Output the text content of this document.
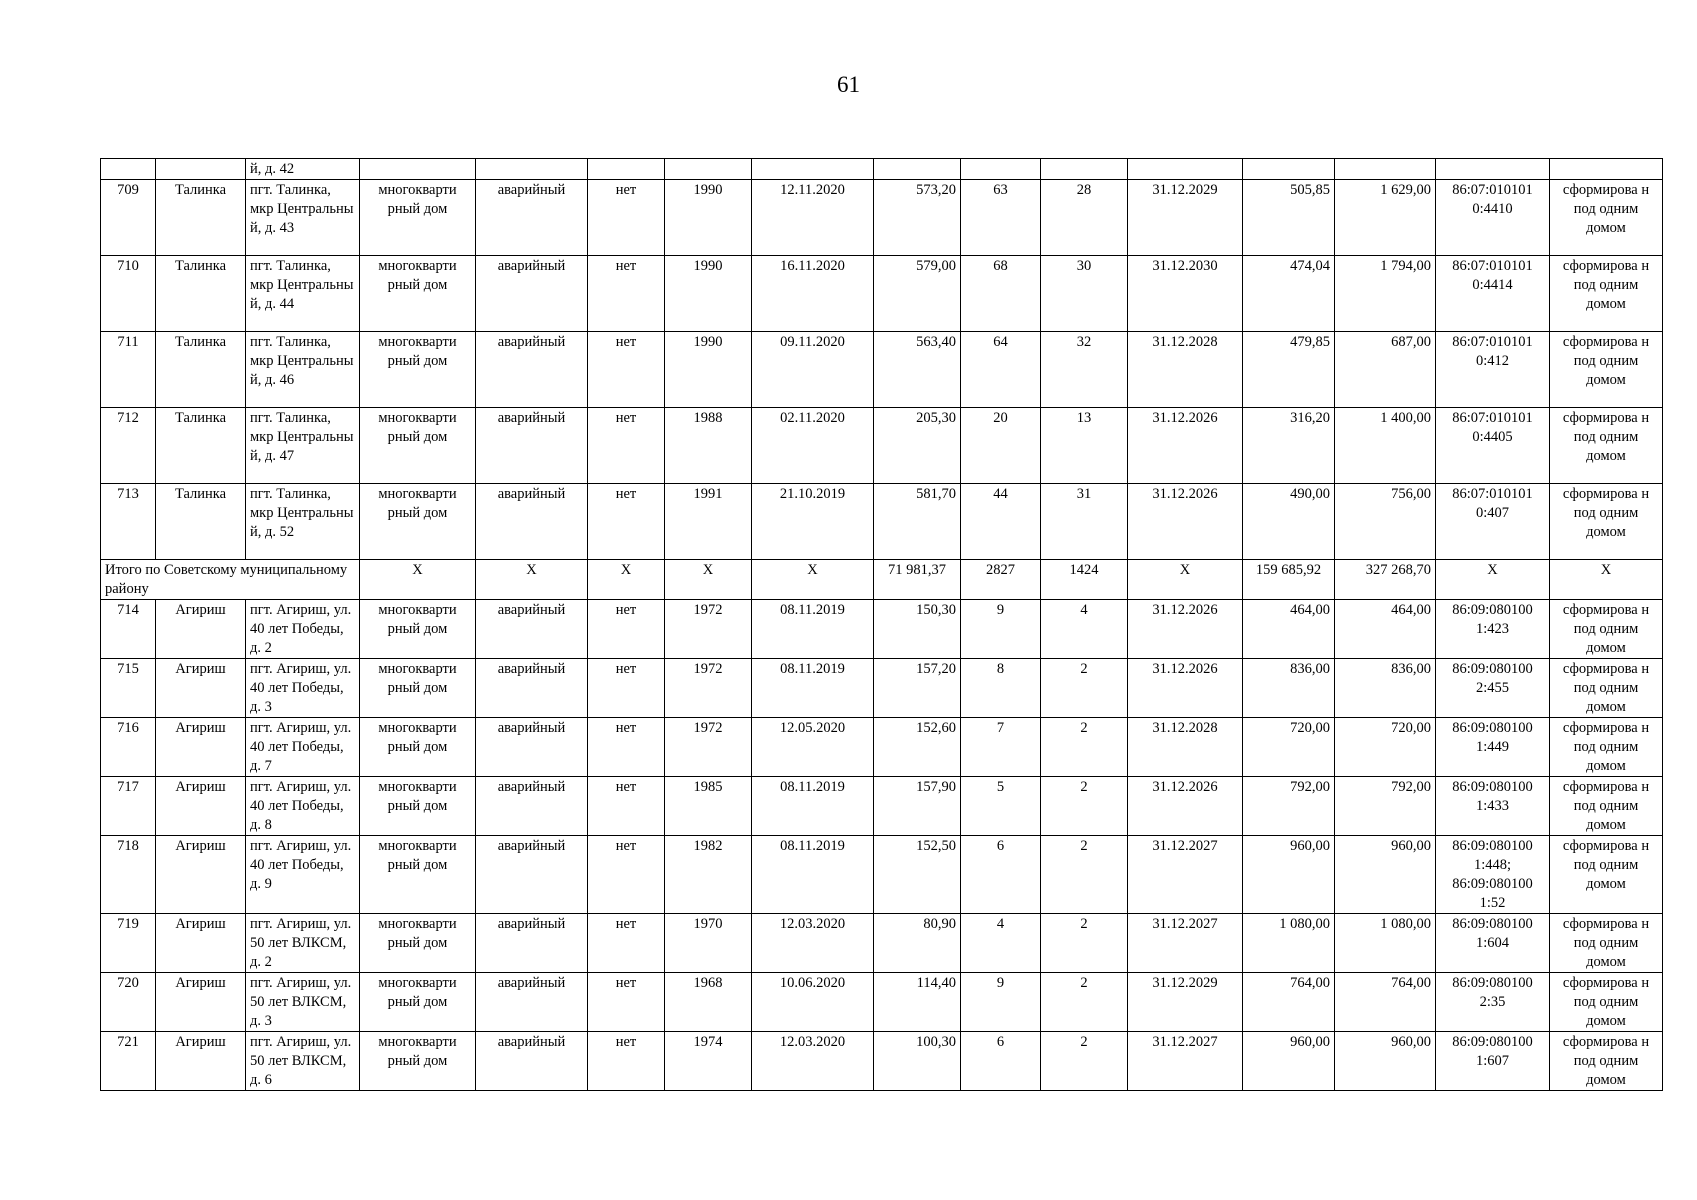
61
		й, д. 42													
709	Талинка	пгт. Талинка, мкр Центральны й, д. 43	многокварти рный дом	аварийный	нет	1990	12.11.2020	573,20	63	28	31.12.2029	505,85	1 629,00	86:07:010101 0:4410	сформирова н под одним домом
710	Талинка	пгт. Талинка, мкр Центральны й, д. 44	многокварти рный дом	аварийный	нет	1990	16.11.2020	579,00	68	30	31.12.2030	474,04	1 794,00	86:07:010101 0:4414	сформирова н под одним домом
711	Талинка	пгт. Талинка, мкр Центральны й, д. 46	многокварти рный дом	аварийный	нет	1990	09.11.2020	563,40	64	32	31.12.2028	479,85	687,00	86:07:010101 0:412	сформирова н под одним домом
712	Талинка	пгт. Талинка, мкр Центральны й, д. 47	многокварти рный дом	аварийный	нет	1988	02.11.2020	205,30	20	13	31.12.2026	316,20	1 400,00	86:07:010101 0:4405	сформирова н под одним домом
713	Талинка	пгт. Талинка, мкр Центральны й, д. 52	многокварти рный дом	аварийный	нет	1991	21.10.2019	581,70	44	31	31.12.2026	490,00	756,00	86:07:010101 0:407	сформирова н под одним домом
Итого по Советскому муниципальному району			X	X	X	X	X	71 981,37	2827	1424	X	159 685,92	327 268,70	X	X
714	Агириш	пгт. Агириш, ул. 40 лет Победы, д. 2	многокварти рный дом	аварийный	нет	1972	08.11.2019	150,30	9	4	31.12.2026	464,00	464,00	86:09:080100 1:423	сформирова н под одним домом
715	Агириш	пгт. Агириш, ул. 40 лет Победы, д. 3	многокварти рный дом	аварийный	нет	1972	08.11.2019	157,20	8	2	31.12.2026	836,00	836,00	86:09:080100 2:455	сформирова н под одним домом
716	Агириш	пгт. Агириш, ул. 40 лет Победы, д. 7	многокварти рный дом	аварийный	нет	1972	12.05.2020	152,60	7	2	31.12.2028	720,00	720,00	86:09:080100 1:449	сформирова н под одним домом
717	Агириш	пгт. Агириш, ул. 40 лет Победы, д. 8	многокварти рный дом	аварийный	нет	1985	08.11.2019	157,90	5	2	31.12.2026	792,00	792,00	86:09:080100 1:433	сформирова н под одним домом
718	Агириш	пгт. Агириш, ул. 40 лет Победы, д. 9	многокварти рный дом	аварийный	нет	1982	08.11.2019	152,50	6	2	31.12.2027	960,00	960,00	86:09:080100 1:448; 86:09:080100 1:52	сформирова н под одним домом
719	Агириш	пгт. Агириш, ул. 50 лет ВЛКСМ, д. 2	многокварти рный дом	аварийный	нет	1970	12.03.2020	80,90	4	2	31.12.2027	1 080,00	1 080,00	86:09:080100 1:604	сформирова н под одним домом
720	Агириш	пгт. Агириш, ул. 50 лет ВЛКСМ, д. 3	многокварти рный дом	аварийный	нет	1968	10.06.2020	114,40	9	2	31.12.2029	764,00	764,00	86:09:080100 2:35	сформирова н под одним домом
721	Агириш	пгт. Агириш, ул. 50 лет ВЛКСМ, д. 6	многокварти рный дом	аварийный	нет	1974	12.03.2020	100,30	6	2	31.12.2027	960,00	960,00	86:09:080100 1:607	сформирова н под одним домом
